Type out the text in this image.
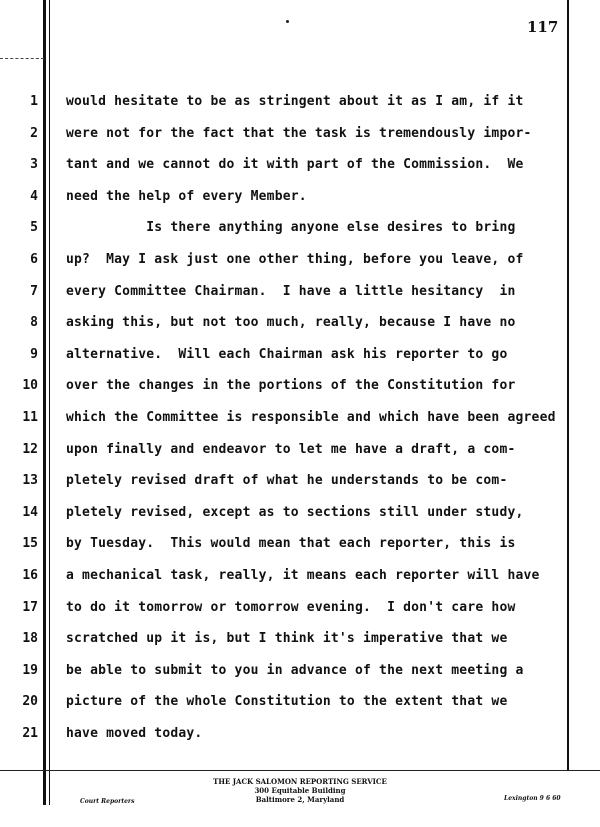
117
1 would hesitate to be as stringent about it as I am, if it
2 were not for the fact that the task is tremendously impor-
3 tant and we cannot do it with part of the Commission.  We
4 need the help of every Member.
5 Is there anything anyone else desires to bring
6 up?  May I ask just one other thing, before you leave, of
7 every Committee Chairman.  I have a little hesitancy  in
8 asking this, but not too much, really, because I have no
9 alternative.  Will each Chairman ask his reporter to go
10 over the changes in the portions of the Constitution for
11 which the Committee is responsible and which have been agreed
12 upon finally and endeavor to let me have a draft, a com-
13 pletely revised draft of what he understands to be com-
14 pletely revised, except as to sections still under study,
15 by Tuesday.  This would mean that each reporter, this is
16 a mechanical task, really, it means each reporter will have
17 to do it tomorrow or tomorrow evening.  I don't care how
18 scratched up it is, but I think it's imperative that we
19 be able to submit to you in advance of the next meeting a
20 picture of the whole Constitution to the extent that we
21 have moved today.
THE JACK SALOMON REPORTING SERVICE
300 Equitable Building
Baltimore 2, Maryland
Court Reporters	Lexington 9 6 60
